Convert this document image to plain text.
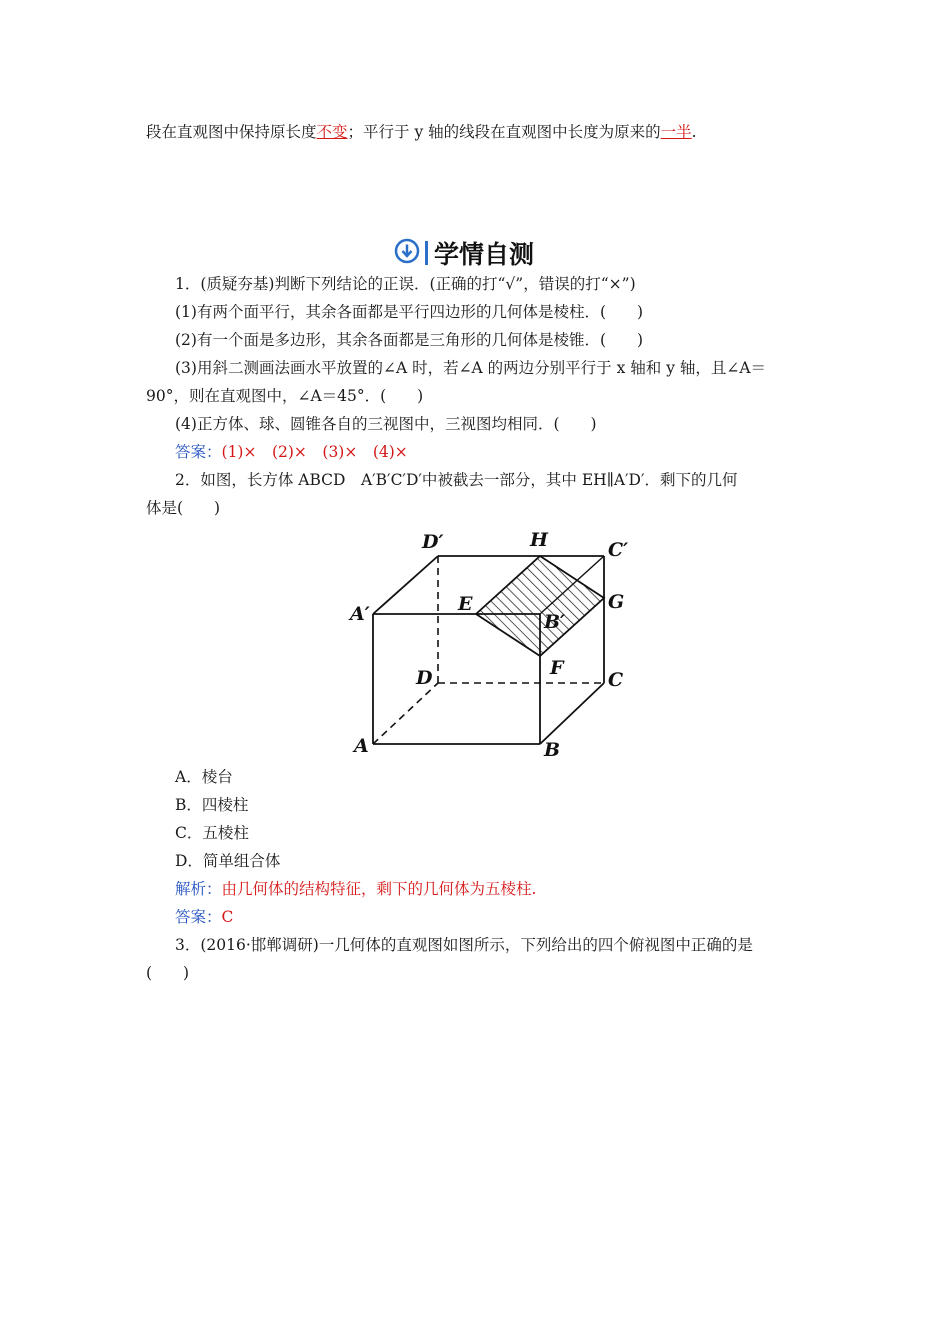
段在直观图中保持原长度不变；平行于 y 轴的线段在直观图中长度为原来的一半.
学情自测
1．(质疑夯基)判断下列结论的正误．(正确的打“√”，错误的打“×”)
(1)有两个面平行，其余各面都是平行四边形的几何体是棱柱．(　　)
(2)有一个面是多边形，其余各面都是三角形的几何体是棱锥．(　　)
(3)用斜二测画法画水平放置的∠A 时，若∠A 的两边分别平行于 x 轴和 y 轴，且∠A＝
90°，则在直观图中，∠A＝45°．(　　)
(4)正方体、球、圆锥各自的三视图中，三视图均相同．(　　)
答案：(1)×　(2)×　(3)×　(4)×
2．如图，长方体 ABCD　A′B′C′D′中被截去一部分，其中 EH∥A′D′．剩下的几何
体是(　　)
D′	H	C′
A′	E	G
B′
F
D	C
A	B
A．棱台
B．四棱柱
C．五棱柱
D．简单组合体
解析：由几何体的结构特征，剩下的几何体为五棱柱.
答案：C
3．(2016·邯郸调研)一几何体的直观图如图所示，下列给出的四个俯视图中正确的是
(　　)
